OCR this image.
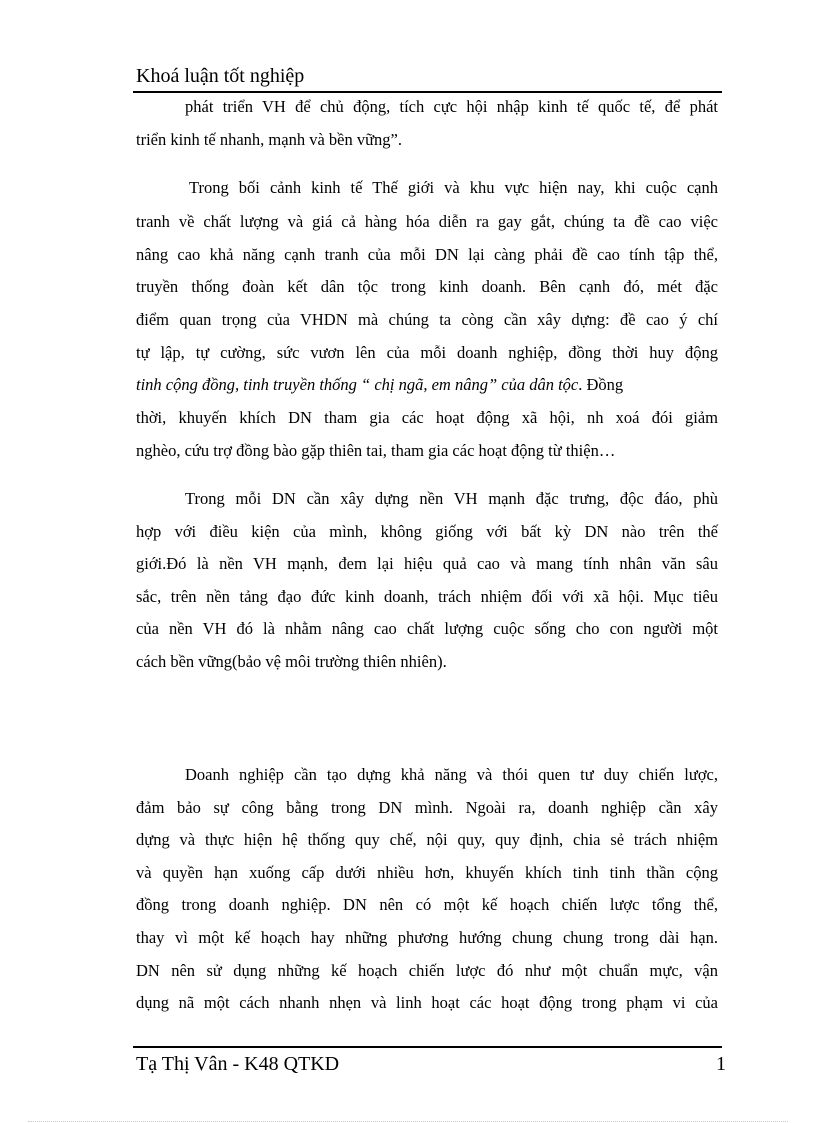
Khoá luận tốt nghiệp
phát triển VH để chủ động, tích cực hội nhập kinh tế quốc tế, để phát
triển kinh tế nhanh, mạnh và bền vững”.
Trong bối cảnh kinh tế Thế giới và khu vực hiện nay, khi cuộc cạnh
tranh về chất lượng và giá cả hàng hóa diễn ra gay gắt, chúng ta đề cao việc
nâng cao khả năng cạnh tranh của mỗi DN lại càng phải đề cao tính tập thể,
truyền thống đoàn kết dân tộc trong kinh doanh. Bên cạnh đó, mét đặc
điểm quan trọng của VHDN mà chúng ta còng cần xây dựng: đề cao ý chí
tự lập, tự cường, sức vươn lên của mỗi doanh nghiệp, đồng thời huy động
tinh cộng đồng, tinh truyền thống “ chị ngã, em nâng” của dân tộc. Đồng
thời, khuyến khích DN tham gia các hoạt động xã hội, nh xoá đói giảm
nghèo, cứu trợ đồng bào gặp thiên tai, tham gia các hoạt động từ thiện…
Trong mỗi DN cần xây dựng nền VH mạnh đặc trưng, độc đáo, phù
hợp với điều kiện của mình, không giống với bất kỳ DN nào trên thế
giới.Đó là nền VH mạnh, đem lại hiệu quả cao và mang tính nhân văn sâu
sắc, trên nền tảng đạo đức kinh doanh, trách nhiệm đối với xã hội. Mục tiêu
của nền VH đó là nhằm nâng cao chất lượng cuộc sống cho con người một
cách bền vững(bảo vệ môi trường thiên nhiên).
Doanh nghiệp cần tạo dựng khả năng và thói quen tư duy chiến lược,
đảm bảo sự công bằng trong DN mình. Ngoài ra, doanh nghiệp cần xây
dựng và thực hiện hệ thống quy chế, nội quy, quy định, chia sẻ trách nhiệm
và quyền hạn xuống cấp dưới nhiều hơn, khuyến khích tinh tinh thần cộng
đồng trong doanh nghiệp. DN nên có một kế hoạch chiến lược tổng thể,
thay vì một kế hoạch hay những phương hướng chung chung trong dài hạn.
DN nên sử dụng những kế hoạch chiến lược đó như một chuẩn mực, vận
dụng nã một cách nhanh nhẹn và linh hoạt các hoạt động trong phạm vi của
Tạ Thị Vân - K48 QTKD	1
